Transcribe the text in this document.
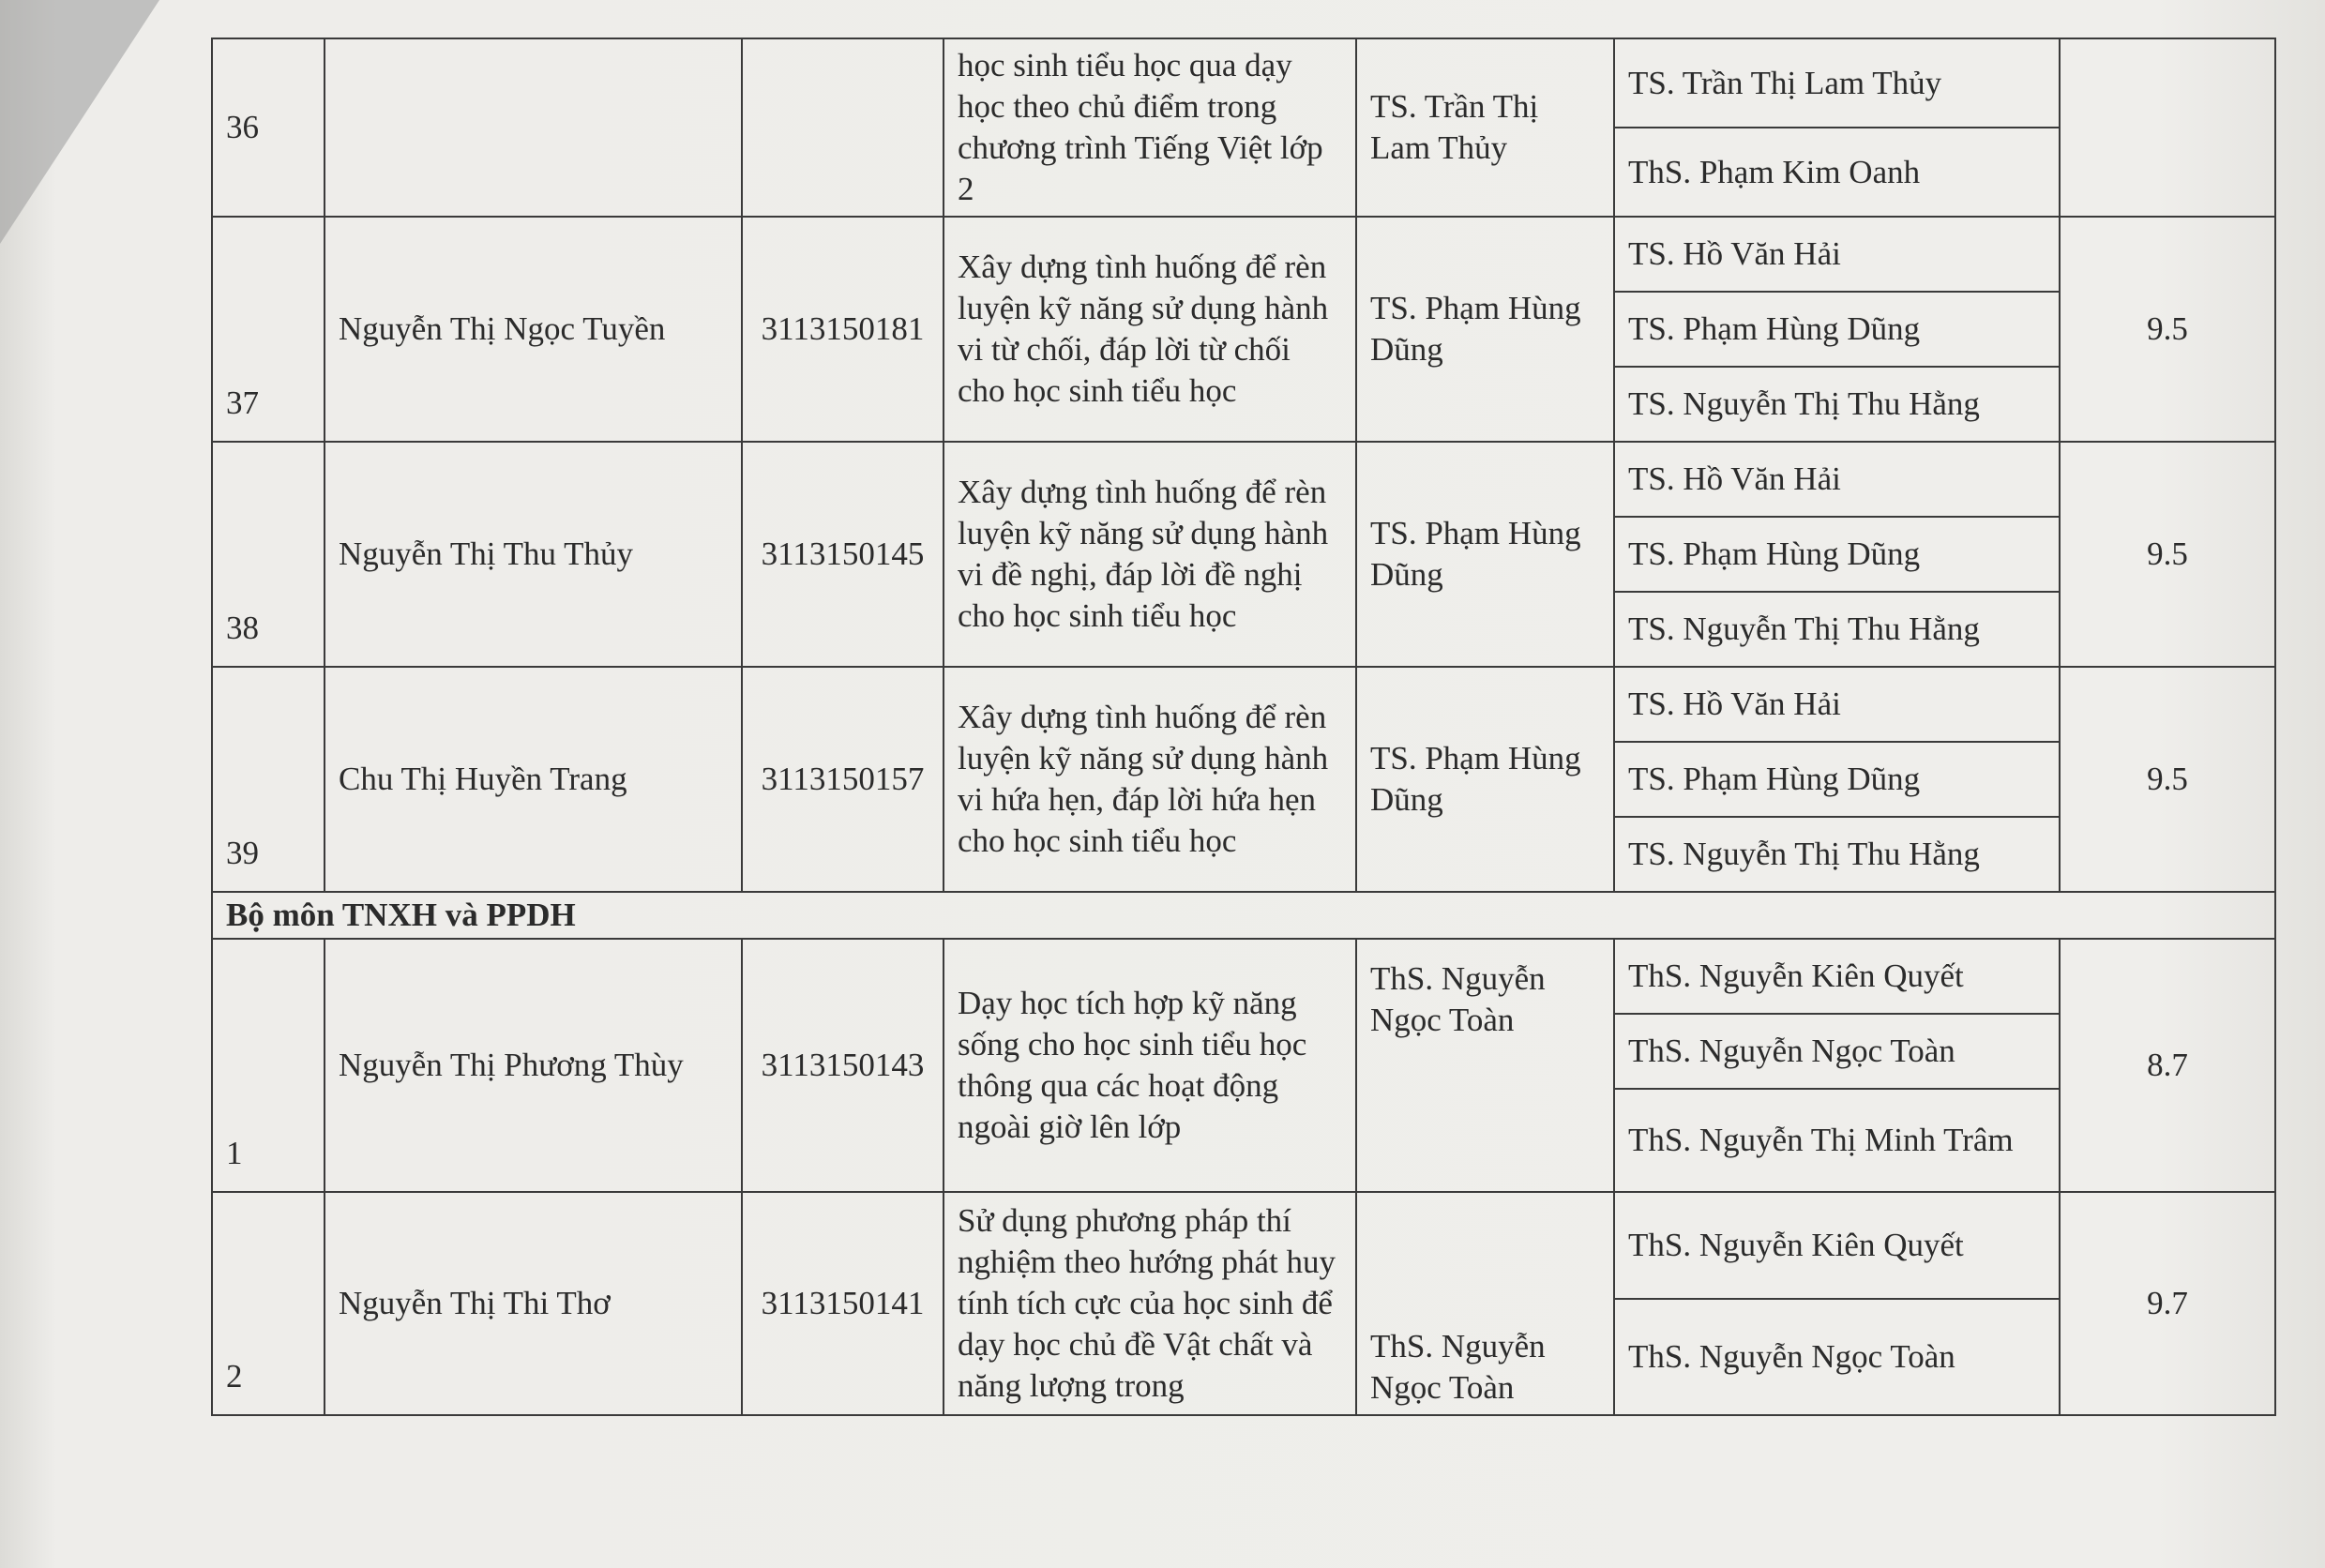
36			học sinh tiểu học qua dạy học theo chủ điểm trong chương trình Tiếng Việt lớp 2	TS. Trần Thị Lam Thủy	TS. Trần Thị Lam Thủy	
					ThS. Phạm Kim Oanh	
37	Nguyễn Thị Ngọc Tuyền	3113150181	Xây dựng tình huống để rèn luyện kỹ năng sử dụng hành vi từ chối, đáp lời từ chối cho học sinh tiểu học	TS. Phạm Hùng Dũng	TS. Hồ Văn Hải	9.5
					TS. Phạm Hùng Dũng	
					TS. Nguyễn Thị Thu Hằng	
38	Nguyễn Thị Thu Thủy	3113150145	Xây dựng tình huống để rèn luyện kỹ năng sử dụng hành vi đề nghị, đáp lời đề nghị cho học sinh tiểu học	TS. Phạm Hùng Dũng	TS. Hồ Văn Hải	9.5
					TS. Phạm Hùng Dũng	
					TS. Nguyễn Thị Thu Hằng	
39	Chu Thị Huyền Trang	3113150157	Xây dựng tình huống để rèn luyện kỹ năng sử dụng hành vi hứa hẹn, đáp lời hứa hẹn cho học sinh tiểu học	TS. Phạm Hùng Dũng	TS. Hồ Văn Hải	9.5
					TS. Phạm Hùng Dũng	
					TS. Nguyễn Thị Thu Hằng	
Bộ môn TNXH và PPDH						
1	Nguyễn Thị Phương Thùy	3113150143	Dạy học tích hợp kỹ năng sống cho học sinh tiểu học thông qua các hoạt động ngoài giờ lên lớp	ThS. Nguyễn Ngọc Toàn	ThS. Nguyễn Kiên Quyết	8.7
					ThS. Nguyễn Ngọc Toàn	
					ThS. Nguyễn Thị Minh Trâm	
2	Nguyễn Thị Thi Thơ	3113150141	Sử dụng phương pháp thí nghiệm theo hướng phát huy tính tích cực của học sinh để dạy học chủ đề Vật chất và năng lượng trong	ThS. Nguyễn Ngọc Toàn	ThS. Nguyễn Kiên Quyết	9.7
					ThS. Nguyễn Ngọc Toàn	
